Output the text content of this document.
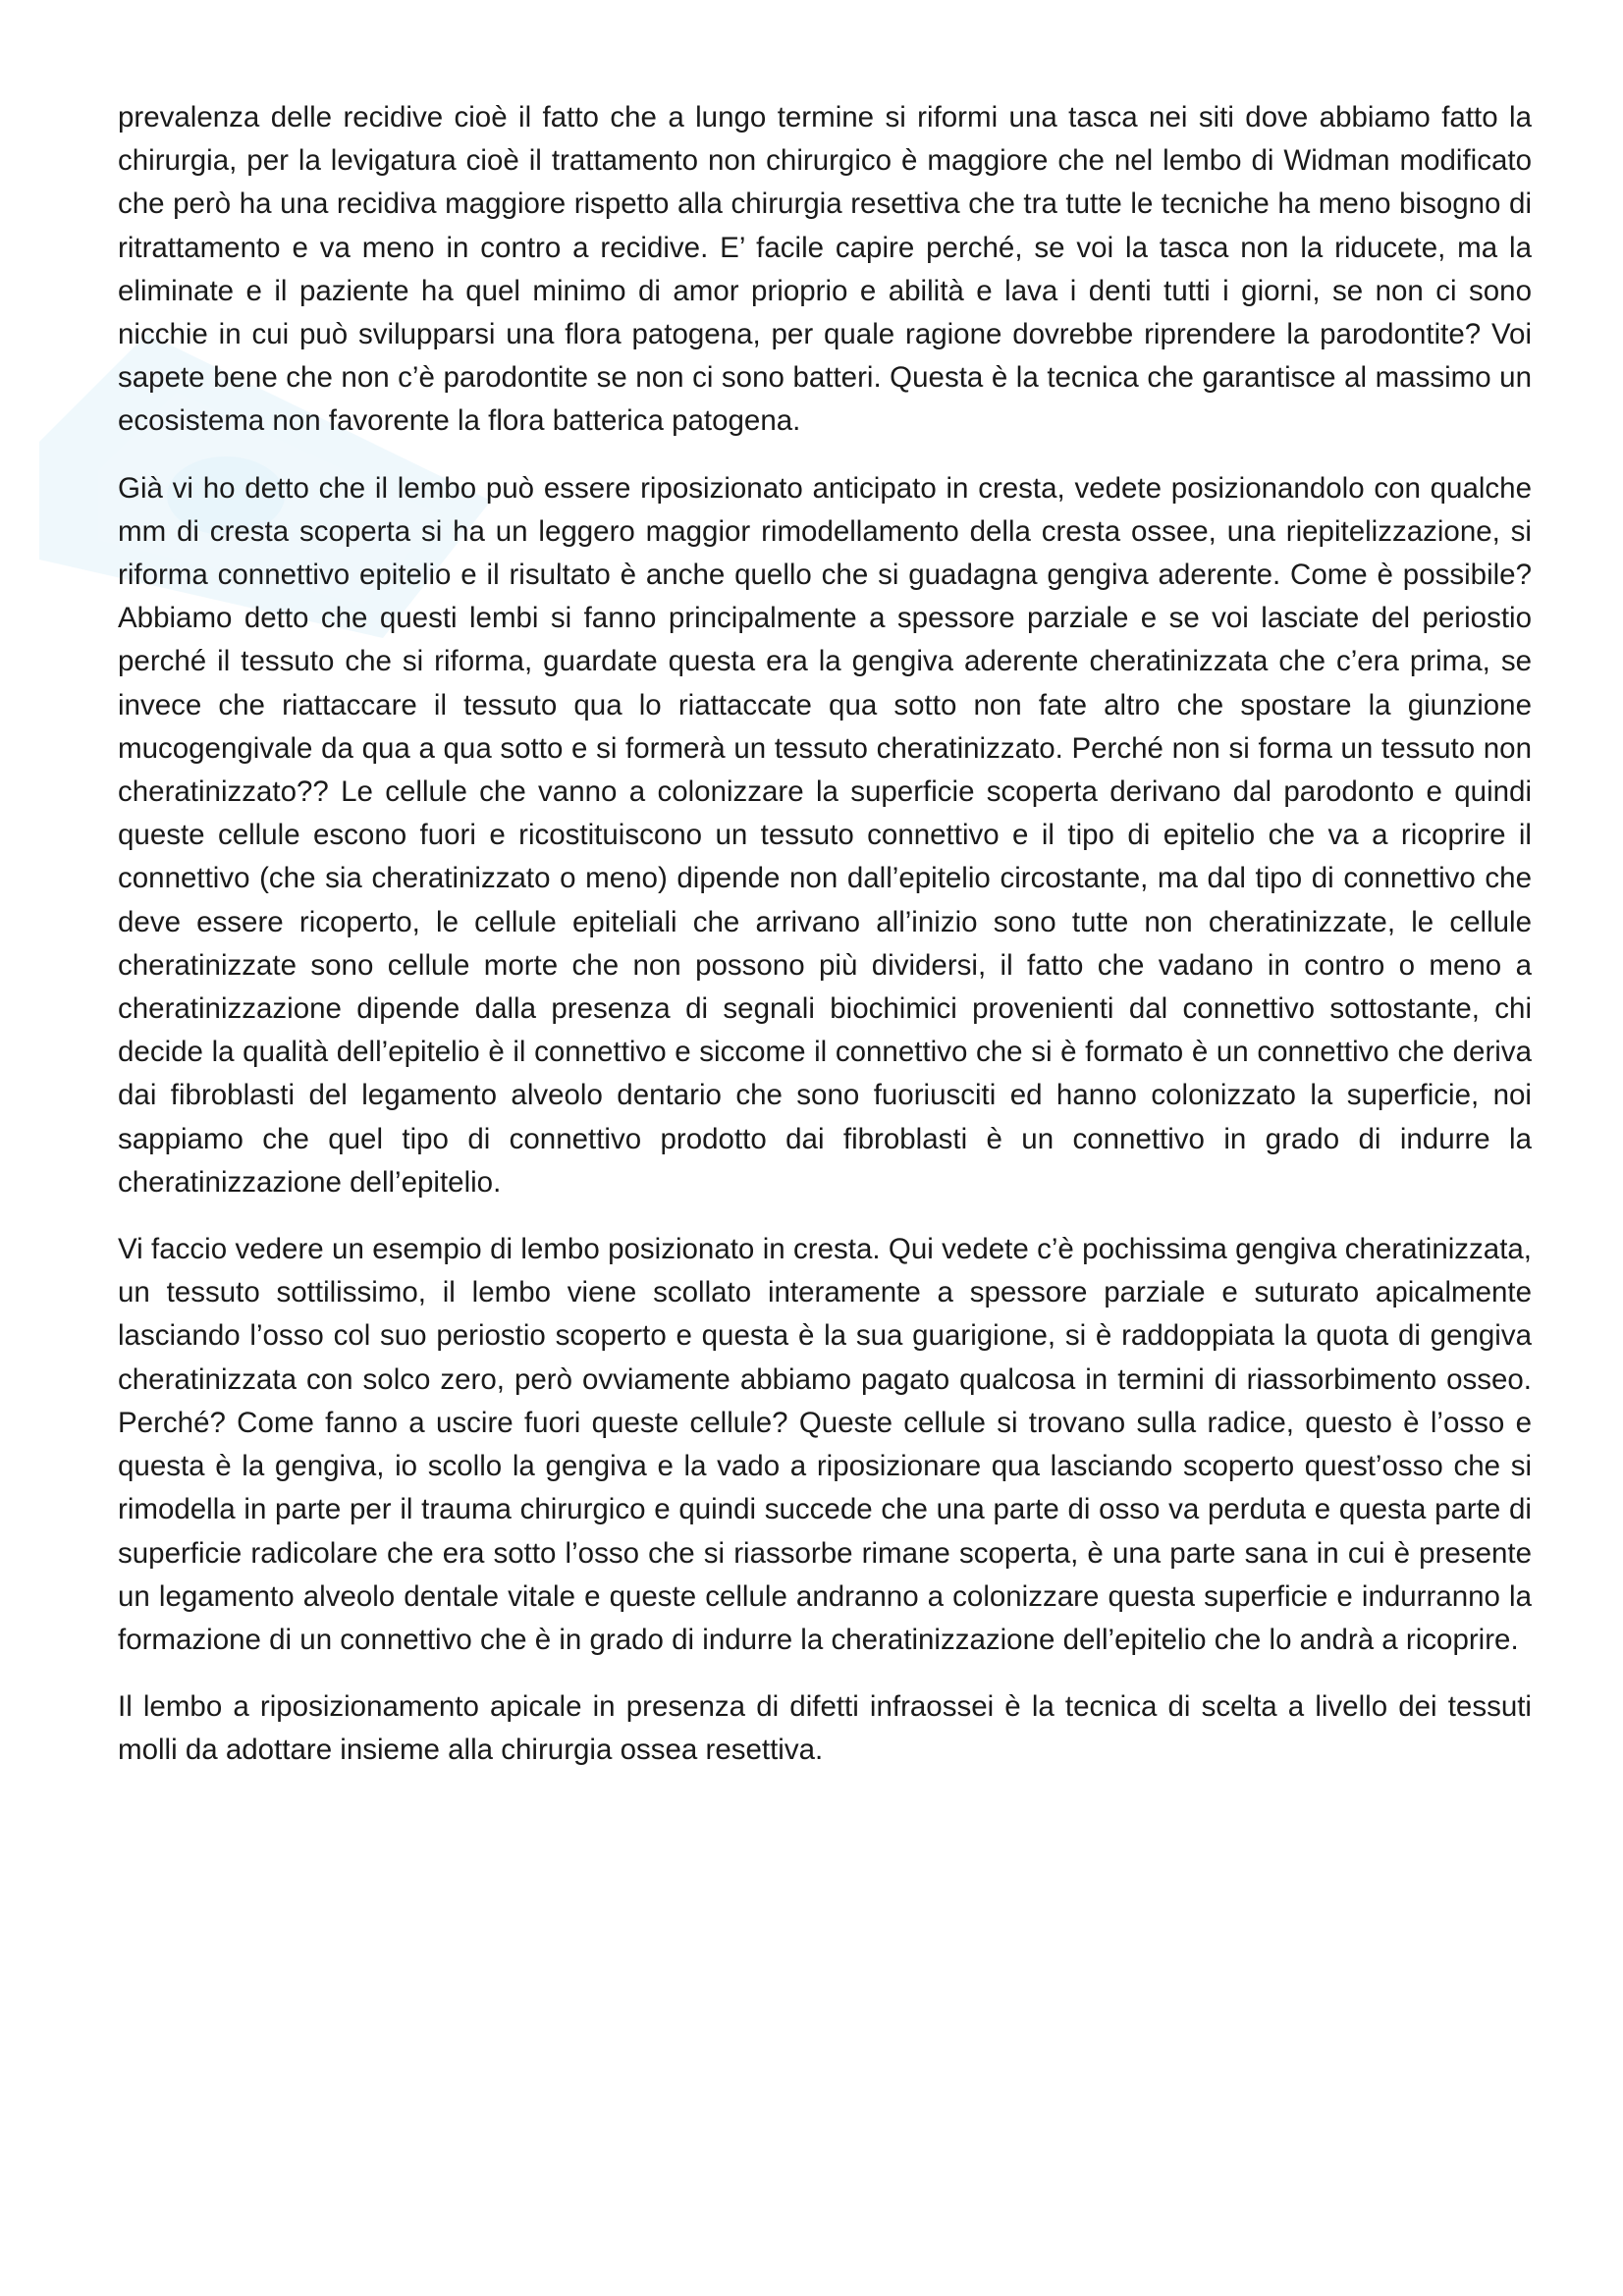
prevalenza delle recidive cioè il fatto che a lungo termine si riformi una tasca nei siti dove abbiamo fatto la chirurgia, per la levigatura cioè il trattamento non chirurgico è maggiore che nel lembo di Widman modificato che però ha una recidiva maggiore rispetto alla chirurgia resettiva che tra tutte le tecniche ha meno bisogno di ritrattamento e va meno in contro a recidive. E’ facile capire perché, se voi la tasca non la riducete, ma la eliminate e il paziente ha quel minimo di amor prioprio e abilità e lava i denti tutti i giorni, se non ci sono nicchie in cui può svilupparsi una flora patogena, per quale ragione dovrebbe riprendere la parodontite? Voi sapete bene che non c’è parodontite se non ci sono batteri. Questa è la tecnica che garantisce al massimo un ecosistema non favorente la flora batterica patogena.

Già vi ho detto che il lembo può essere riposizionato anticipato in cresta, vedete posizionandolo con qualche mm di cresta scoperta si ha un leggero maggior rimodellamento della cresta ossee, una riepitelizzazione, si riforma connettivo epitelio e il risultato è anche quello che si guadagna gengiva aderente. Come è possibile? Abbiamo detto che questi lembi si fanno principalmente a spessore parziale e se voi lasciate del periostio perché il tessuto che si riforma, guardate questa era la gengiva aderente cheratinizzata che c’era prima, se invece che riattaccare il tessuto qua lo riattaccate qua sotto non fate altro che spostare la giunzione mucogengivale da qua a qua sotto e si formerà un tessuto cheratinizzato. Perché non si forma un tessuto non cheratinizzato?? Le cellule che vanno a colonizzare la superficie scoperta derivano dal parodonto e quindi queste cellule escono fuori e ricostituiscono un tessuto connettivo e il tipo di epitelio che va a ricoprire il connettivo (che sia cheratinizzato o meno) dipende non dall’epitelio circostante, ma dal tipo di connettivo che deve essere ricoperto, le cellule epiteliali che arrivano all’inizio sono tutte non cheratinizzate, le cellule cheratinizzate sono cellule morte che non possono più dividersi, il fatto che vadano in contro o meno a cheratinizzazione dipende dalla presenza di segnali biochimici provenienti dal connettivo sottostante, chi decide la qualità dell’epitelio è il connettivo e siccome il connettivo che si è formato è un connettivo che deriva dai fibroblasti del legamento alveolo dentario che sono fuoriusciti ed hanno colonizzato la superficie, noi sappiamo che quel tipo di connettivo prodotto dai fibroblasti è un connettivo in grado di indurre la cheratinizzazione dell’epitelio.

Vi faccio vedere un esempio di lembo posizionato in cresta. Qui vedete c’è pochissima gengiva cheratinizzata, un tessuto sottilissimo, il lembo viene scollato interamente a spessore parziale e suturato apicalmente lasciando l’osso col suo periostio scoperto e questa è la sua guarigione, si è raddoppiata la quota di gengiva cheratinizzata con solco zero, però ovviamente abbiamo pagato qualcosa in termini di riassorbimento osseo. Perché? Come fanno a uscire fuori queste cellule? Queste cellule si trovano sulla radice, questo è l’osso e questa è la gengiva, io scollo la gengiva e la vado a riposizionare qua lasciando scoperto quest’osso che si rimodella in parte per il trauma chirurgico e quindi succede che una parte di osso va perduta e questa parte di superficie radicolare che era sotto l’osso che si riassorbe rimane scoperta, è una parte sana in cui è presente un legamento alveolo dentale vitale e queste cellule andranno a colonizzare questa superficie e indurranno la formazione di un connettivo che è in grado di indurre la cheratinizzazione dell’epitelio che lo andrà a ricoprire.

Il lembo a riposizionamento apicale in presenza di difetti infraossei è la tecnica di scelta a livello dei tessuti molli da adottare insieme alla chirurgia ossea resettiva.
